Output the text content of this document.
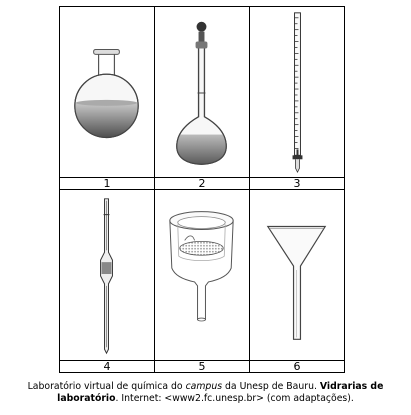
1	2	3

4	5	6
Laboratório virtual de química do campus da Unesp de Bauru. Vidrarias de
laboratório. Internet: <www2.fc.unesp.br> (com adaptações).
